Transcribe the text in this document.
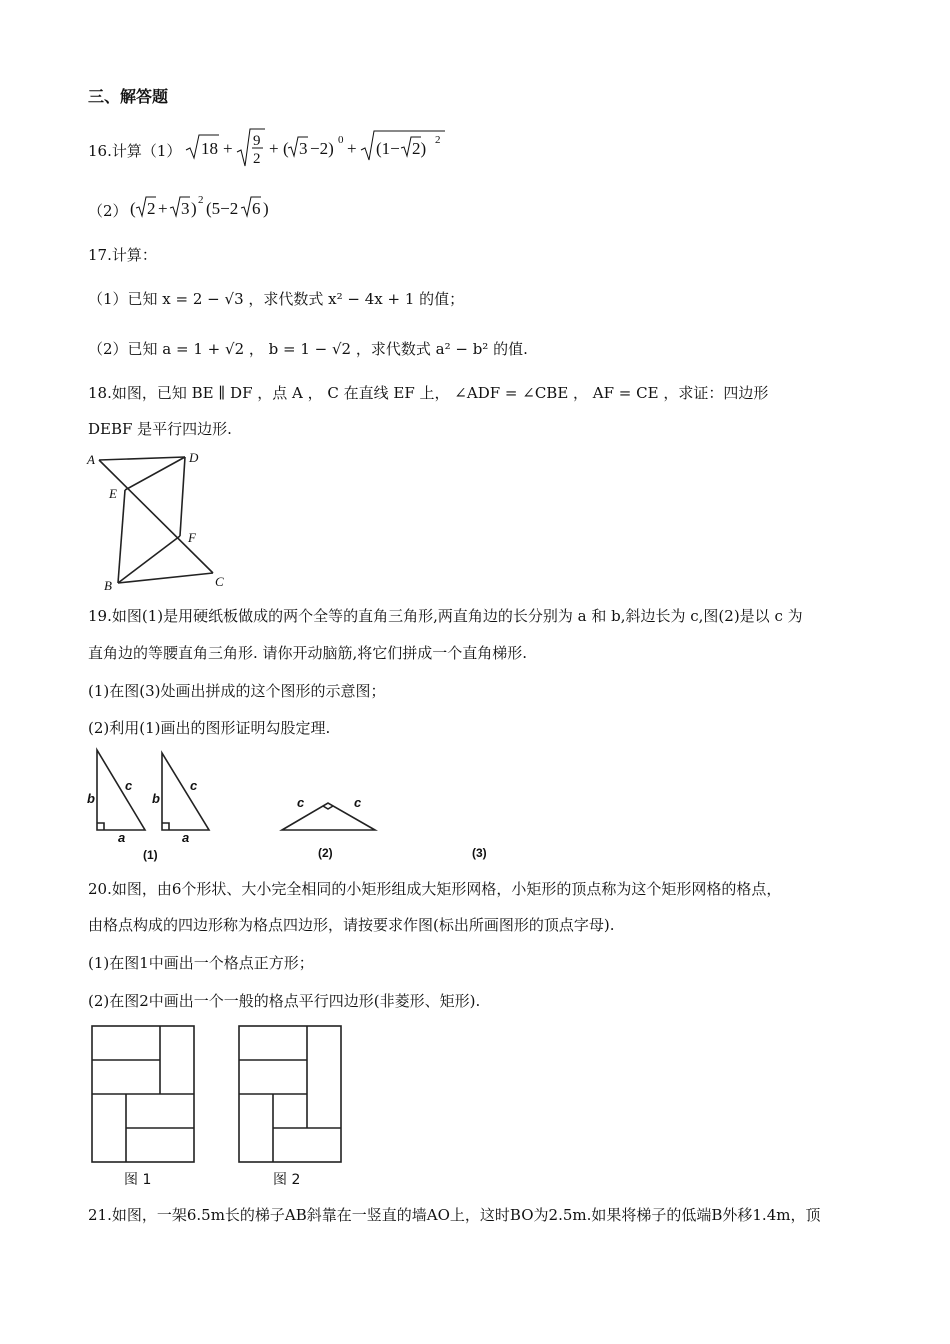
三、解答题
16.计算（1） 18 + 9
2
+ ( 3 −2) 0 + (1− 2) 2
（2） ( 2 + 3 ) 2 (5−2 6 )
17.计算：
（1）已知 x = 2 − √3 ，求代数式 x² − 4x + 1 的值；
（2）已知 a = 1 + √2 ， b = 1 − √2 ，求代数式 a² − b² 的值.
18.如图，已知 BE ∥ DF ，点 A ， C 在直线 EF 上， ∠ADF = ∠CBE ， AF = CE ，求证：四边形
DEBF 是平行四边形.
A	D
E
F
B	C
19.如图(1)是用硬纸板做成的两个全等的直角三角形,两直角边的长分别为 a 和 b,斜边长为 c,图(2)是以 c 为
直角边的等腰直角三角形. 请你开动脑筋,将它们拼成一个直角梯形.
(1)在图(3)处画出拼成的这个图形的示意图；
(2)利用(1)画出的图形证明勾股定理.
b
c
a
b
c
a
c	c
(1)	(2)	(3)
20.如图，由6个形状、大小完全相同的小矩形组成大矩形网格，小矩形的顶点称为这个矩形网格的格点，
由格点构成的四边形称为格点四边形，请按要求作图(标出所画图形的顶点字母).
(1)在图1中画出一个格点正方形；
(2)在图2中画出一个一般的格点平行四边形(非菱形、矩形).
图 1	图 2
21.如图，一架6.5m长的梯子AB斜靠在一竖直的墙AO上，这时BO为2.5m.如果将梯子的低端B外移1.4m，顶
